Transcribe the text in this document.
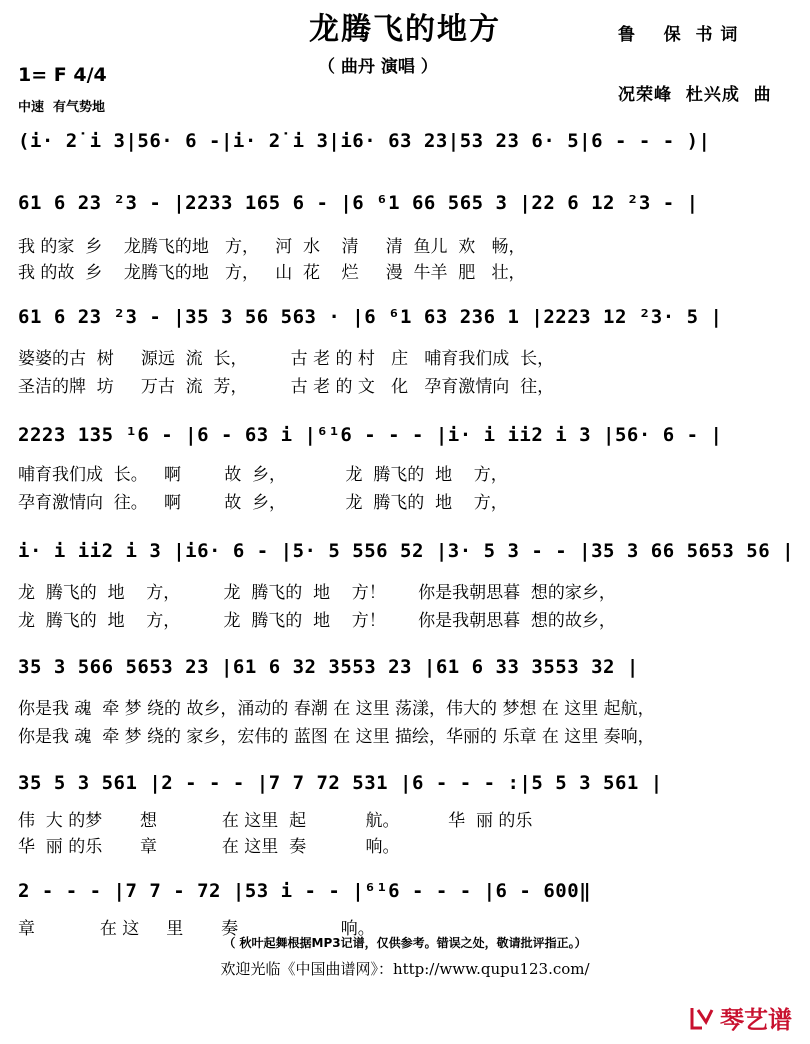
龙腾飞的地方
（ 曲丹 演唱 ）
鲁    保  书 词
况荣峰  杜兴成  曲
1= F 4/4
中速  有气势地
(i· 2̇ i 3|56· 6 -|i· 2̇ i 3|i6· 63 23|53 23 6· 5|6 - - - )|
61 6 23 ²3 - |2233 165 6 - |6 ⁶1 66 565 3 |22 6 12 ²3 - |
我 的家  乡    龙腾飞的地   方，   河  水    清     清  鱼儿  欢   畅，
我 的故  乡    龙腾飞的地   方，   山  花    烂     漫  牛羊  肥   壮，
61 6 23 ²3 - |35 3 56 563 · |6 ⁶1 63 236 1 |2223 12 ²3· 5 |
婆婆的古  树     源远  流  长，        古 老 的 村   庄   哺育我们成  长，
圣洁的牌  坊     万古  流  芳，        古 老 的 文   化   孕育激情向  往，
2223 135 ¹6 - |6 - 63 i |⁶¹6 - - - |i· i ii2 i 3 |56· 6 - |
哺育我们成  长。   啊        故  乡，           龙  腾飞的  地    方，
孕育激情向  往。   啊        故  乡，           龙  腾飞的  地    方，
i· i ii2 i 3 |i6· 6 - |5· 5 556 52 |3· 5 3 - - |35 3 66 5653 56 |
龙  腾飞的  地    方，        龙  腾飞的  地    方！      你是我朝思暮  想的家乡，
龙  腾飞的  地    方，        龙  腾飞的  地    方！      你是我朝思暮  想的故乡，
35 3 566 5653 23 |61 6 32 3553 23 |61 6 33 3553 32 |
你是我 魂  牵 梦 绕的 故乡，涌动的 春潮 在 这里 荡漾，伟大的 梦想 在 这里 起航，
你是我 魂  牵 梦 绕的 家乡，宏伟的 蓝图 在 这里 描绘，华丽的 乐章 在 这里 奏响，
35 5 3 561 |2 - - - |7 7 72 531 |6 - - - :|5 5 3 561 |
伟  大 的梦       想            在 这里  起           航。         华  丽 的乐
华  丽 的乐       章            在 这里  奏           响。
2 - - - |7 7 - 72 |53 i - - |⁶¹6 - - - |6 - 600‖
章            在 这     里       奏                   响。
（ 秋叶起舞根据MP3记谱，仅供参考。错误之处，敬请批评指正。）
欢迎光临《中国曲谱网》：http://www.qupu123.com/
琴艺谱
